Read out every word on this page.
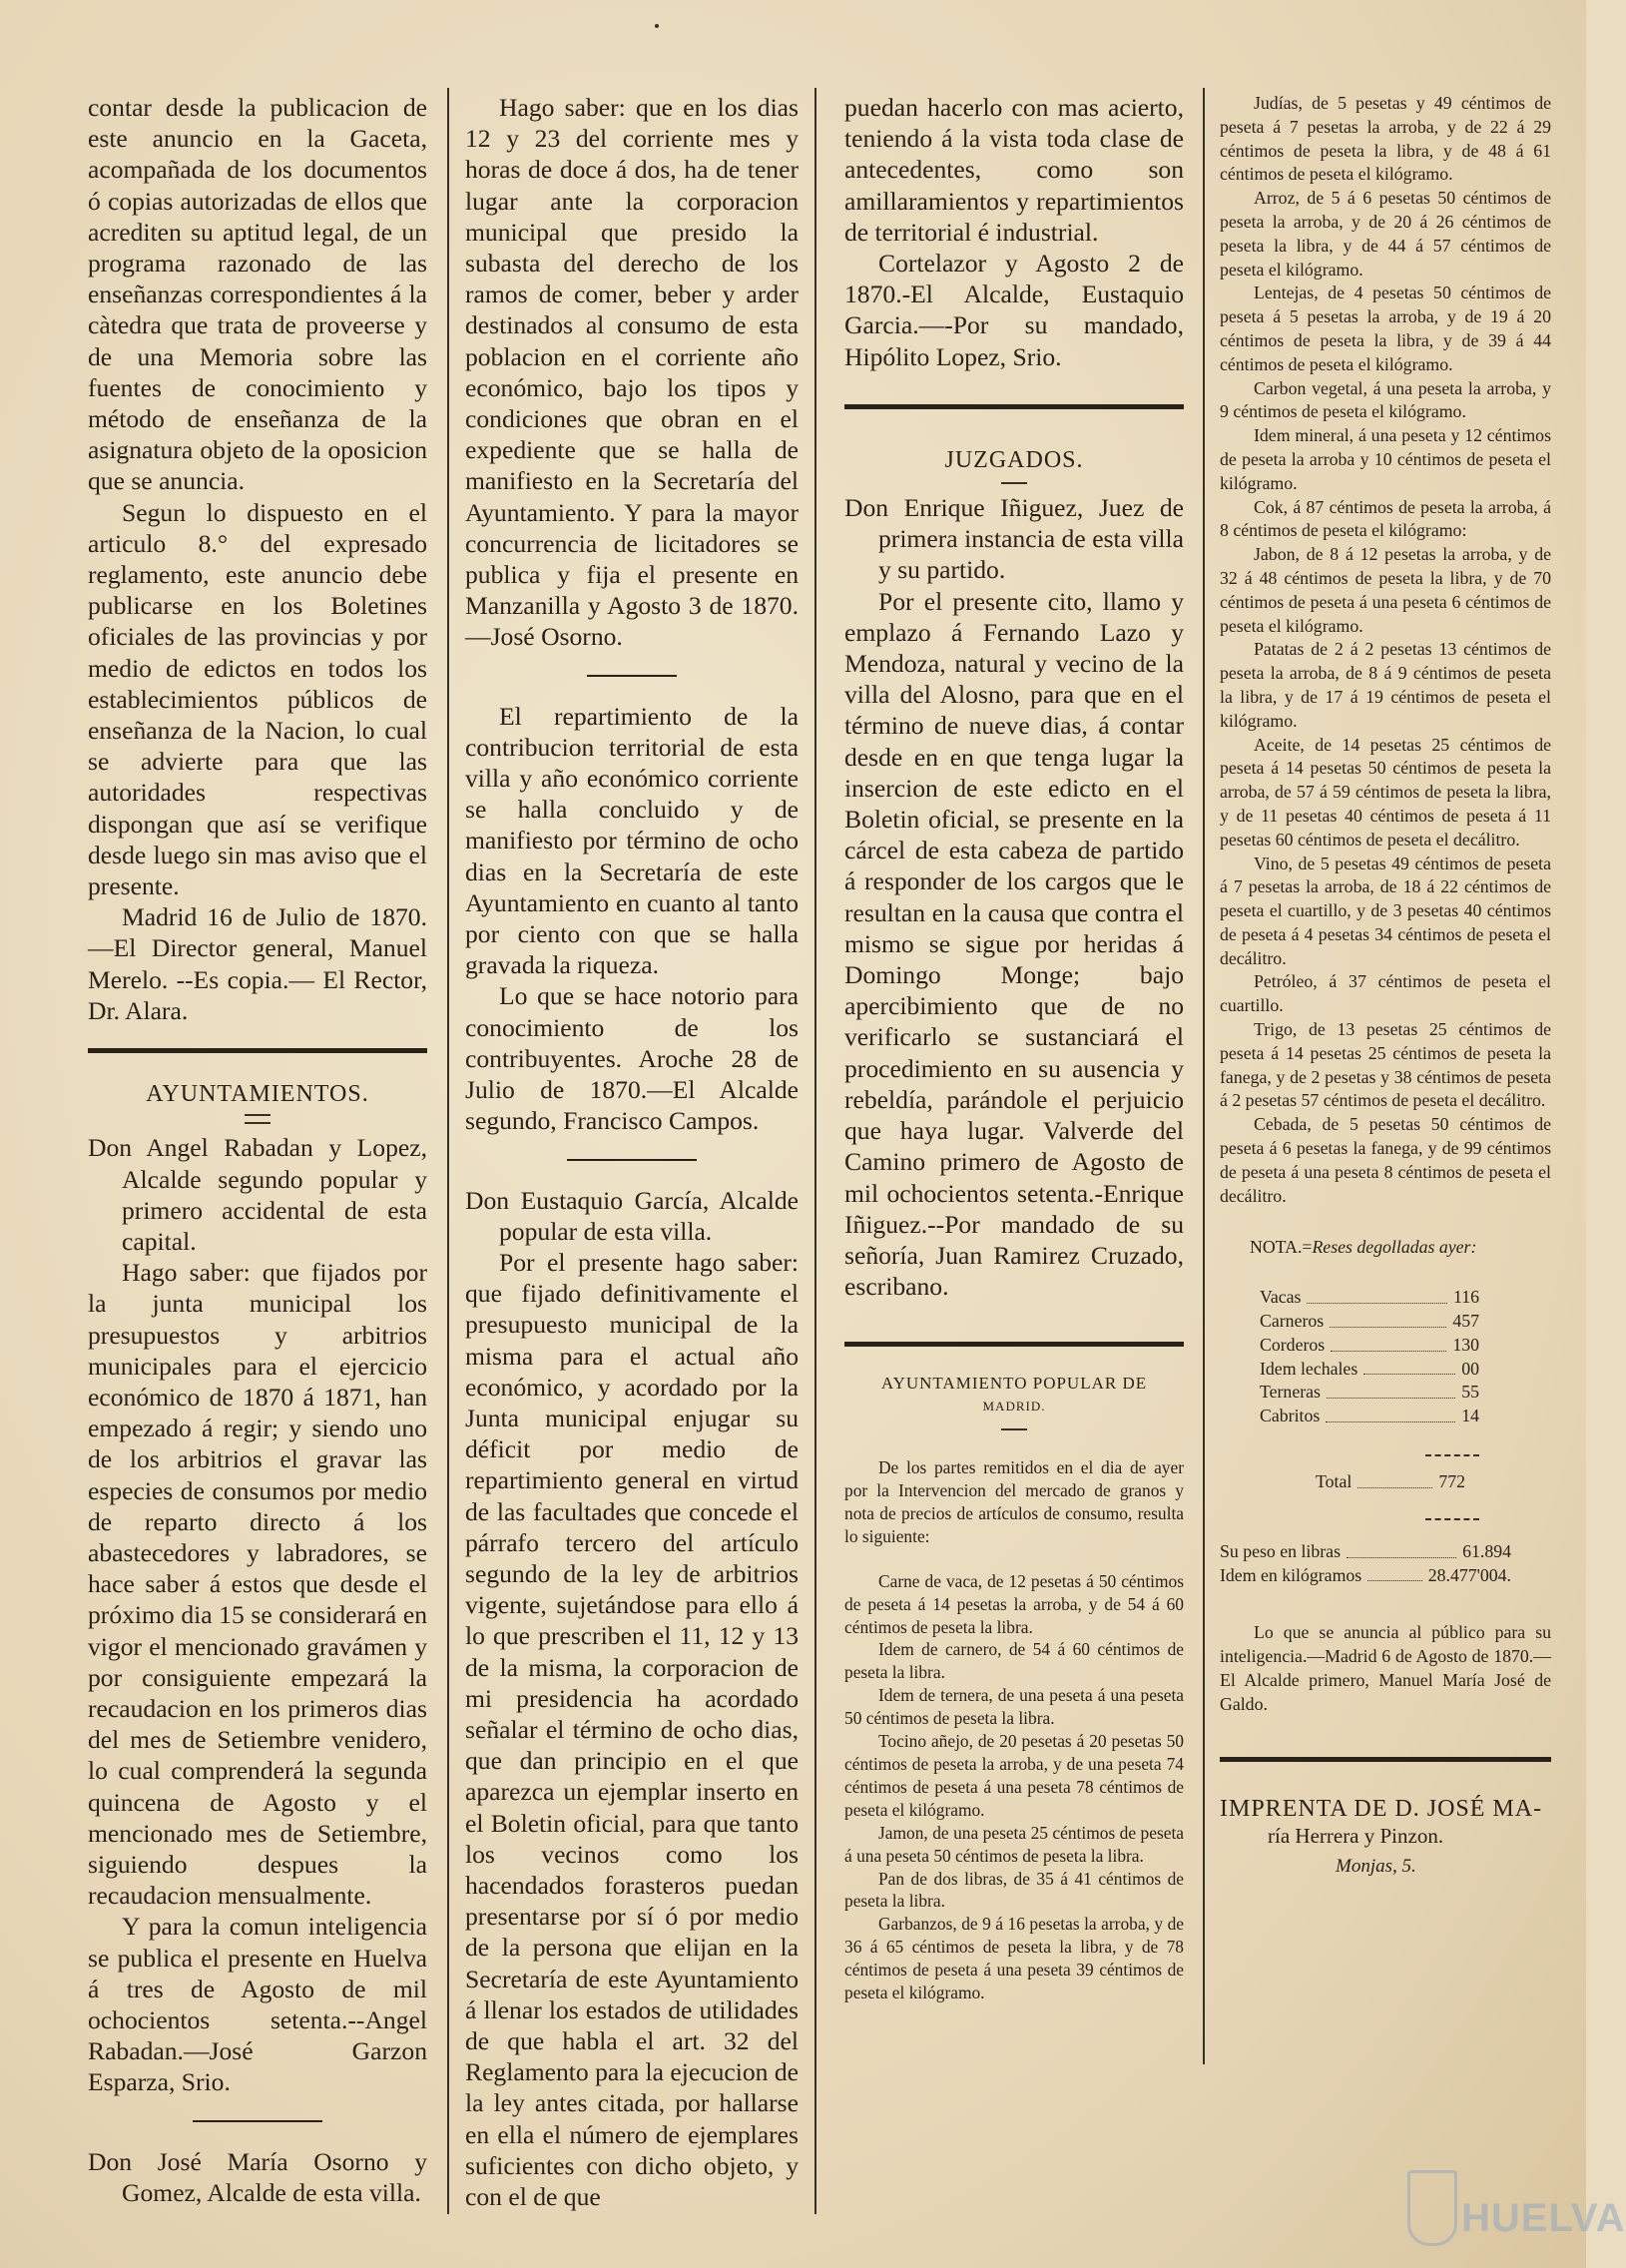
contar desde la publicacion de este anuncio en la Gaceta, acompañada de los documentos ó copias autorizadas de ellos que acrediten su aptitud legal, de un programa razonado de las enseñanzas correspondientes á la càtedra que trata de proveerse y de una Memoria sobre las fuentes de conocimiento y método de enseñanza de la asignatura objeto de la oposicion que se anuncia.

Segun lo dispuesto en el articulo 8.° del expresado reglamento, este anuncio debe publicarse en los Boletines oficiales de las provincias y por medio de edictos en todos los establecimientos públicos de enseñanza de la Nacion, lo cual se advierte para que las autoridades respectivas dispongan que así se verifique desde luego sin mas aviso que el presente.

Madrid 16 de Julio de 1870.—El Director general, Manuel Merelo. --Es copia.— El Rector, Dr. Alara.

AYUNTAMIENTOS.

Don Angel Rabadan y Lopez, Alcalde segundo popular y primero accidental de esta capital.

Hago saber: que fijados por la junta municipal los presupuestos y arbitrios municipales para el ejercicio económico de 1870 á 1871, han empezado á regir; y siendo uno de los arbitrios el gravar las especies de consumos por medio de reparto directo á los abastecedores y labradores, se hace saber á estos que desde el próximo dia 15 se considerará en vigor el mencionado gravámen y por consiguiente empezará la recaudacion en los primeros dias del mes de Setiembre venidero, lo cual comprenderá la segunda quincena de Agosto y el mencionado mes de Setiembre, siguiendo despues la recaudacion mensualmente.

Y para la comun inteligencia se publica el presente en Huelva á tres de Agosto de mil ochocientos setenta.--Angel Rabadan.—José Garzon Esparza, Srio.

Don José María Osorno y Gomez, Alcalde de esta villa.

Hago saber: que en los dias 12 y 23 del corriente mes y horas de doce á dos, ha de tener lugar ante la corporacion municipal que presido la subasta del derecho de los ramos de comer, beber y arder destinados al consumo de esta poblacion en el corriente año económico, bajo los tipos y condiciones que obran en el expediente que se halla de manifiesto en la Secretaría del Ayuntamiento. Y para la mayor concurrencia de licitadores se publica y fija el presente en Manzanilla y Agosto 3 de 1870.—José Osorno.

El repartimiento de la contribucion territorial de esta villa y año económico corriente se halla concluido y de manifiesto por término de ocho dias en la Secretaría de este Ayuntamiento en cuanto al tanto por ciento con que se halla gravada la riqueza.

Lo que se hace notorio para conocimiento de los contribuyentes. Aroche 28 de Julio de 1870.—El Alcalde segundo, Francisco Campos.

Don Eustaquio García, Alcalde popular de esta villa.

Por el presente hago saber: que fijado definitivamente el presupuesto municipal de la misma para el actual año económico, y acordado por la Junta municipal enjugar su déficit por medio de repartimiento general en virtud de las facultades que concede el párrafo tercero del artículo segundo de la ley de arbitrios vigente, sujetándose para ello á lo que prescriben el 11, 12 y 13 de la misma, la corporacion de mi presidencia ha acordado señalar el término de ocho dias, que dan principio en el que aparezca un ejemplar inserto en el Boletin oficial, para que tanto los vecinos como los hacendados forasteros puedan presentarse por sí ó por medio de la persona que elijan en la Secretaría de este Ayuntamiento á llenar los estados de utilidades de que habla el art. 32 del Reglamento para la ejecucion de la ley antes citada, por hallarse en ella el número de ejemplares suficientes con dicho objeto, y con el de que

puedan hacerlo con mas acierto, teniendo á la vista toda clase de antecedentes, como son amillaramientos y repartimientos de territorial é industrial.

Cortelazor y Agosto 2 de 1870.-El Alcalde, Eustaquio Garcia.—-Por su mandado, Hipólito Lopez, Srio.

JUZGADOS.

Don Enrique Iñiguez, Juez de primera instancia de esta villa y su partido.

Por el presente cito, llamo y emplazo á Fernando Lazo y Mendoza, natural y vecino de la villa del Alosno, para que en el término de nueve dias, á contar desde en en que tenga lugar la insercion de este edicto en el Boletin oficial, se presente en la cárcel de esta cabeza de partido á responder de los cargos que le resultan en la causa que contra el mismo se sigue por heridas á Domingo Monge; bajo apercibimiento que de no verificarlo se sustanciará el procedimiento en su ausencia y rebeldía, parándole el perjuicio que haya lugar. Valverde del Camino primero de Agosto de mil ochocientos setenta.-Enrique Iñiguez.--Por mandado de su señoría, Juan Ramirez Cruzado, escribano.

AYUNTAMIENTO POPULAR DE

MADRID.

De los partes remitidos en el dia de ayer por la Intervencion del mercado de granos y nota de precios de artículos de consumo, resulta lo siguiente:

Carne de vaca, de 12 pesetas á 50 céntimos de peseta á 14 pesetas la arroba, y de 54 á 60 céntimos de peseta la libra.

Idem de carnero, de 54 á 60 céntimos de peseta la libra.

Idem de ternera, de una peseta á una peseta 50 céntimos de peseta la libra.

Tocino añejo, de 20 pesetas á 20 pesetas 50 céntimos de peseta la arroba, y de una peseta 74 céntimos de peseta á una peseta 78 céntimos de peseta el kilógramo.

Jamon, de una peseta 25 céntimos de peseta á una peseta 50 céntimos de peseta la libra.

Pan de dos libras, de 35 á 41 céntimos de peseta la libra.

Garbanzos, de 9 á 16 pesetas la arroba, y de 36 á 65 céntimos de peseta la libra, y de 78 céntimos de peseta á una peseta 39 céntimos de peseta el kilógramo.

Judías, de 5 pesetas y 49 céntimos de peseta á 7 pesetas la arroba, y de 22 á 29 céntimos de peseta la libra, y de 48 á 61 céntimos de peseta el kilógramo.

Arroz, de 5 á 6 pesetas 50 céntimos de peseta la arroba, y de 20 á 26 céntimos de peseta la libra, y de 44 á 57 céntimos de peseta el kilógramo.

Lentejas, de 4 pesetas 50 céntimos de peseta á 5 pesetas la arroba, y de 19 á 20 céntimos de peseta la libra, y de 39 á 44 céntimos de peseta el kilógramo.

Carbon vegetal, á una peseta la arroba, y 9 céntimos de peseta el kilógramo.

Idem mineral, á una peseta y 12 céntimos de peseta la arroba y 10 céntimos de peseta el kilógramo.

Cok, á 87 céntimos de peseta la arroba, á 8 céntimos de peseta el kilógramo:

Jabon, de 8 á 12 pesetas la arroba, y de 32 á 48 céntimos de peseta la libra, y de 70 céntimos de peseta á una peseta 6 céntimos de peseta el kilógramo.

Patatas de 2 á 2 pesetas 13 céntimos de peseta la arroba, de 8 á 9 céntimos de peseta la libra, y de 17 á 19 céntimos de peseta el kilógramo.

Aceite, de 14 pesetas 25 céntimos de peseta á 14 pesetas 50 céntimos de peseta la arroba, de 57 á 59 céntimos de peseta la libra, y de 11 pesetas 40 céntimos de peseta á 11 pesetas 60 céntimos de peseta el decálitro.

Vino, de 5 pesetas 49 céntimos de peseta á 7 pesetas la arroba, de 18 á 22 céntimos de peseta el cuartillo, y de 3 pesetas 40 céntimos de peseta á 4 pesetas 34 céntimos de peseta el decálitro.

Petróleo, á 37 céntimos de peseta el cuartillo.

Trigo, de 13 pesetas 25 céntimos de peseta á 14 pesetas 25 céntimos de peseta la fanega, y de 2 pesetas y 38 céntimos de peseta á 2 pesetas 57 céntimos de peseta el decálitro.

Cebada, de 5 pesetas 50 céntimos de peseta á 6 pesetas la fanega, y de 99 céntimos de peseta á una peseta 8 céntimos de peseta el decálitro.

NOTA.=Reses degolladas ayer:

Vacas	116
Carneros	457
Corderos	130
Idem lechales	00
Terneras	55
Cabritos	14
Total	772
Su peso en libras	61.894
Idem en kilógramos	28.477'004.

Lo que se anuncia al público para su inteligencia.—Madrid 6 de Agosto de 1870.—El Alcalde primero, Manuel María José de Galdo.

IMPRENTA DE D. JOSÉ MA-

ría Herrera y Pinzon.

Monjas, 5.

HUELVA
